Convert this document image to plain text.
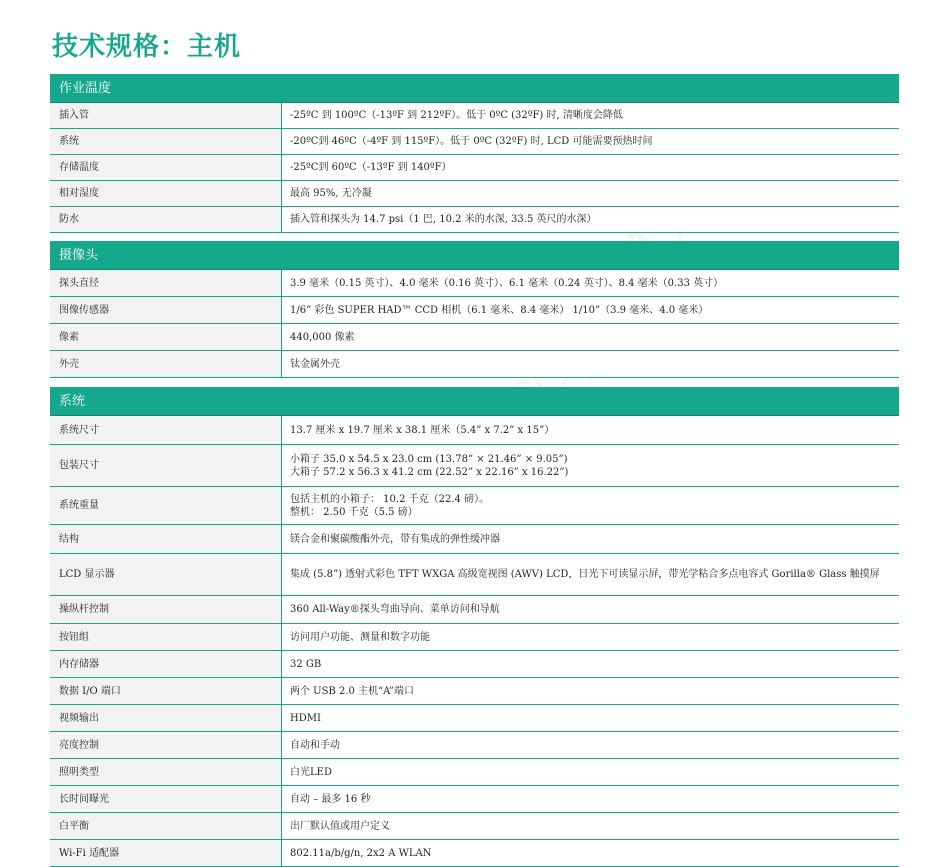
技术规格：主机
作业温度
插入管	-25ºC 到 100ºC（-13ºF 到 212ºF）。低于 0ºC (32ºF) 时, 清晰度会降低
系统	-20ºC到 46ºC（-4ºF 到 115ºF）。低于 0ºC (32ºF) 时, LCD 可能需要预热时间
存储温度	-25ºC到 60ºC（-13ºF 到 140ºF）
相对湿度	最高 95%, 无冷凝
防水	插入管和探头为 14.7 psi（1 巴, 10.2 米的水深, 33.5 英尺的水深）
摄像头
探头直径	3.9 毫米（0.15 英寸）、4.0 毫米（0.16 英寸）、6.1 毫米（0.24 英寸）、8.4 毫米（0.33 英寸）
图像传感器	1/6” 彩色 SUPER HAD™ CCD 相机（6.1 毫米、8.4 毫米） 1/10”（3.9 毫米、4.0 毫米）
像素	440,000 像素
外壳	钛金属外壳
系统
系统尺寸	13.7 厘米 x 19.7 厘米 x 38.1 厘米（5.4” x 7.2” x 15”）
包装尺寸	小箱子 35.0 x 54.5 x 23.0 cm (13.78” × 21.46” × 9.05”)
大箱子 57.2 x 56.3 x 41.2 cm (22.52” x 22.16” x 16.22”)

系统重量	包括主机的小箱子： 10.2 千克（22.4 磅）。
整机： 2.50 千克（5.5 磅）

结构	镁合金和聚碳酸酯外壳，带有集成的弹性缓冲器
LCD 显示器	集成 (5.8”) 透射式彩色 TFT WXGA 高级宽视图 (AWV) LCD，日光下可读显示屏，带光学粘合多点电容式 Gorilla® Glass 触摸屏
操纵杆控制	360 All-Way®探头弯曲导向、菜单访问和导航
按钮组	访问用户功能、测量和数字功能
内存储器	32 GB
数据 I/O 端口	两个 USB 2.0 主机“A”端口
视频输出	HDMI
亮度控制	自动和手动
照明类型	白光LED
长时间曝光	自动 – 最多 16 秒
白平衡	出厂默认值或用户定义
Wi-Fi 适配器	802.11a/b/g/n, 2x2 A WLAN
